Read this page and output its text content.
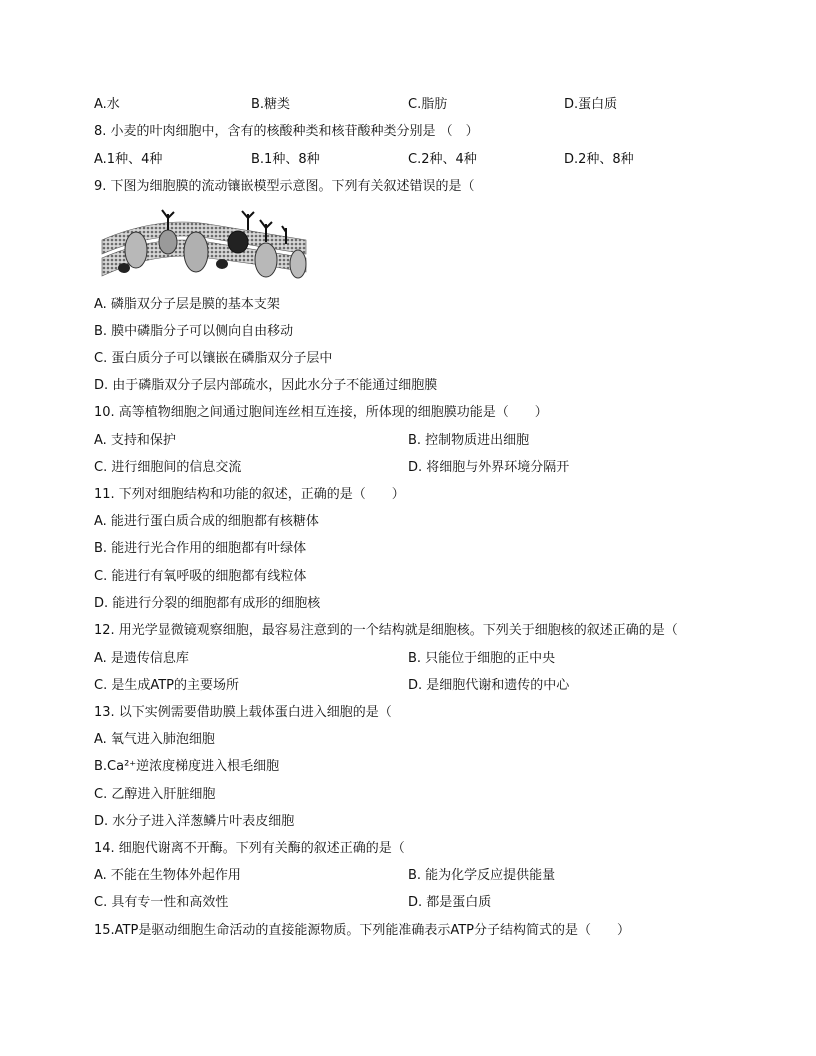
A.水	B.糖类	C.脂肪	D.蛋白质
8. 小麦的叶肉细胞中，含有的核酸种类和核苷酸种类分别是 （　）
A.1种、4种	B.1种、8种	C.2种、4种	D.2种、8种
9. 下图为细胞膜的流动镶嵌模型示意图。下列有关叙述错误的是（
A. 磷脂双分子层是膜的基本支架
B. 膜中磷脂分子可以侧向自由移动
C. 蛋白质分子可以镶嵌在磷脂双分子层中
D. 由于磷脂双分子层内部疏水，因此水分子不能通过细胞膜
10. 高等植物细胞之间通过胞间连丝相互连接，所体现的细胞膜功能是（　　）
A. 支持和保护	B. 控制物质进出细胞
C. 进行细胞间的信息交流	D. 将细胞与外界环境分隔开
11. 下列对细胞结构和功能的叙述，正确的是（　　）
A. 能进行蛋白质合成的细胞都有核糖体
B. 能进行光合作用的细胞都有叶绿体
C. 能进行有氧呼吸的细胞都有线粒体
D. 能进行分裂的细胞都有成形的细胞核
12. 用光学显微镜观察细胞，最容易注意到的一个结构就是细胞核。下列关于细胞核的叙述正确的是（
A. 是遗传信息库	B. 只能位于细胞的正中央
C. 是生成ATP的主要场所	D. 是细胞代谢和遗传的中心
13. 以下实例需要借助膜上载体蛋白进入细胞的是（
A. 氧气进入肺泡细胞
B.Ca²⁺逆浓度梯度进入根毛细胞
C. 乙醇进入肝脏细胞
D. 水分子进入洋葱鳞片叶表皮细胞
14. 细胞代谢离不开酶。下列有关酶的叙述正确的是（
A. 不能在生物体外起作用	B. 能为化学反应提供能量
C. 具有专一性和高效性	D. 都是蛋白质
15.ATP是驱动细胞生命活动的直接能源物质。下列能准确表示ATP分子结构简式的是（　　）
